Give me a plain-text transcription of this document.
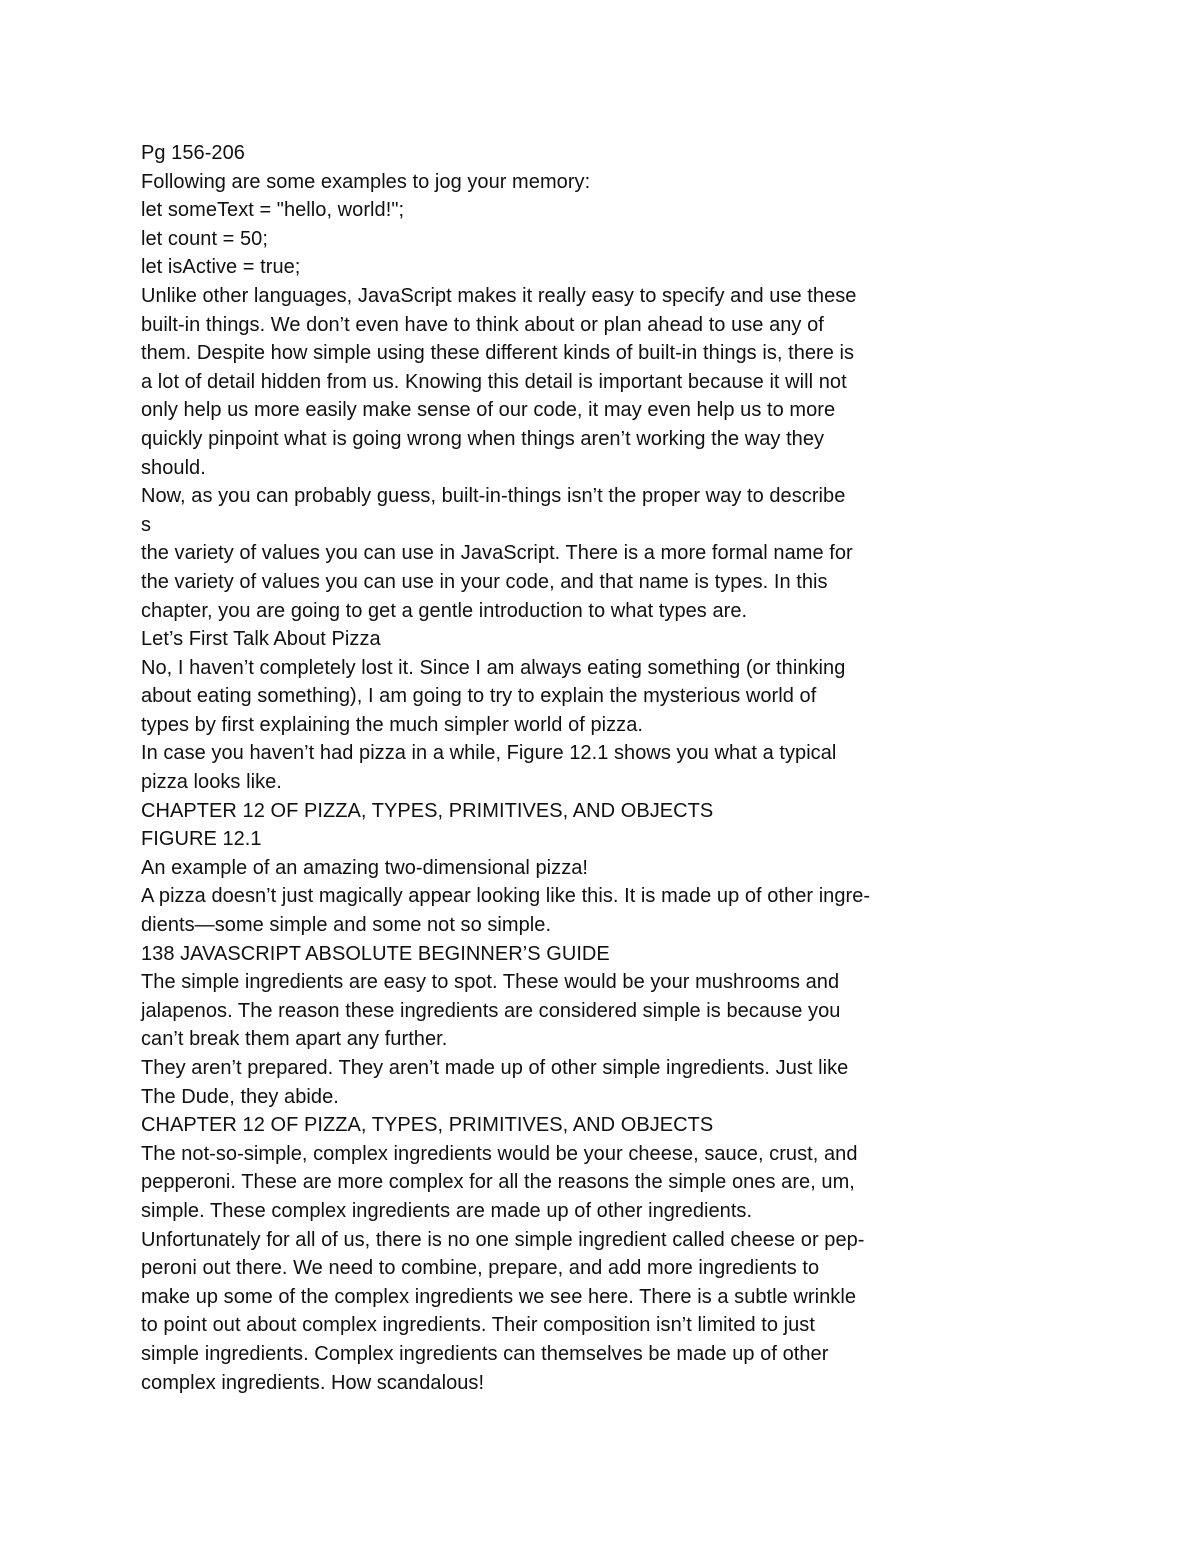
Pg 156-206
Following are some examples to jog your memory:
let someText = "hello, world!";
let count = 50;
let isActive = true;
Unlike other languages, JavaScript makes it really easy to specify and use these
built-in things. We don’t even have to think about or plan ahead to use any of
them. Despite how simple using these different kinds of built-in things is, there is
a lot of detail hidden from us. Knowing this detail is important because it will not
only help us more easily make sense of our code, it may even help us to more
quickly pinpoint what is going wrong when things aren’t working the way they
should.
Now, as you can probably guess, built-in-things isn’t the proper way to describe
s
the variety of values you can use in JavaScript. There is a more formal name for
the variety of values you can use in your code, and that name is types. In this
chapter, you are going to get a gentle introduction to what types are.
Let’s First Talk About Pizza
No, I haven’t completely lost it. Since I am always eating something (or thinking
about eating something), I am going to try to explain the mysterious world of
types by first explaining the much simpler world of pizza.
In case you haven’t had pizza in a while, Figure 12.1 shows you what a typical
pizza looks like.
CHAPTER 12 OF PIZZA, TYPES, PRIMITIVES, AND OBJECTS
FIGURE 12.1
An example of an amazing two-dimensional pizza!
A pizza doesn’t just magically appear looking like this. It is made up of other ingre-
dients—some simple and some not so simple.
138 JAVASCRIPT ABSOLUTE BEGINNER’S GUIDE
The simple ingredients are easy to spot. These would be your mushrooms and
jalapenos. The reason these ingredients are considered simple is because you
can’t break them apart any further.
They aren’t prepared. They aren’t made up of other simple ingredients. Just like
The Dude, they abide.
CHAPTER 12 OF PIZZA, TYPES, PRIMITIVES, AND OBJECTS
The not-so-simple, complex ingredients would be your cheese, sauce, crust, and
pepperoni. These are more complex for all the reasons the simple ones are, um,
simple. These complex ingredients are made up of other ingredients.
Unfortunately for all of us, there is no one simple ingredient called cheese or pep-
peroni out there. We need to combine, prepare, and add more ingredients to
make up some of the complex ingredients we see here. There is a subtle wrinkle
to point out about complex ingredients. Their composition isn’t limited to just
simple ingredients. Complex ingredients can themselves be made up of other
complex ingredients. How scandalous!
